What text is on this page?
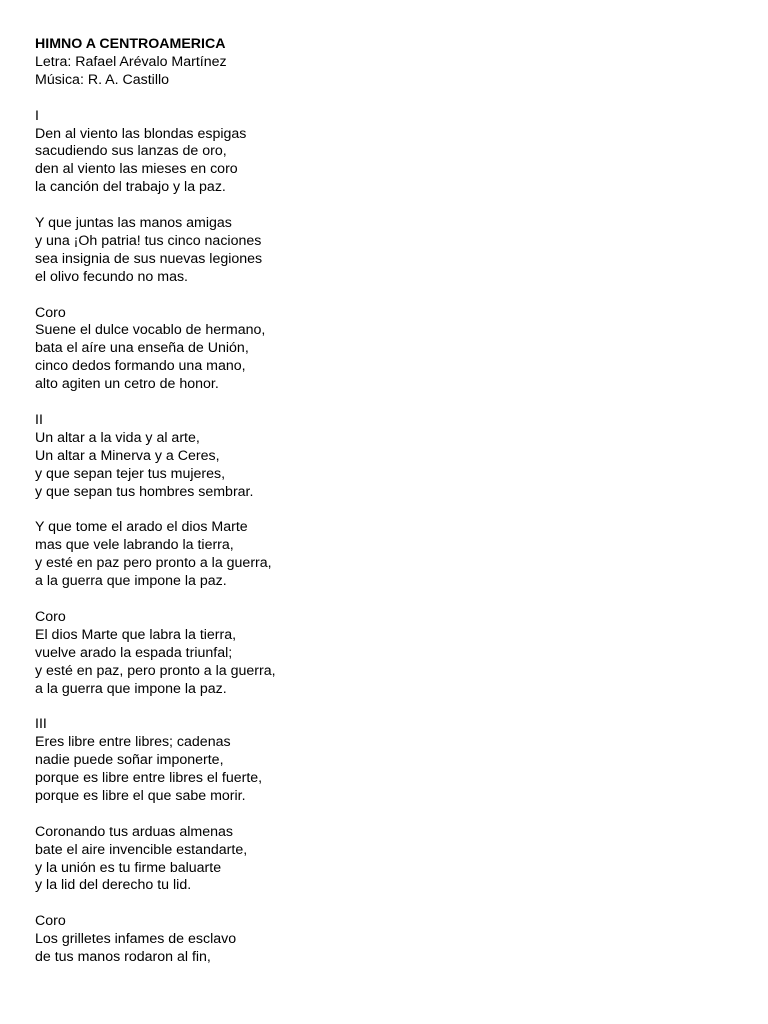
HIMNO A CENTROAMERICA
Letra: Rafael Arévalo Martínez
Música: R. A. Castillo
I
Den al viento las blondas espigas
sacudiendo sus lanzas de oro,
den al viento las mieses en coro
la canción del trabajo y la paz.
Y que juntas las manos amigas
y una ¡Oh patria! tus cinco naciones
sea insignia de sus nuevas legiones
el olivo fecundo no mas.
Coro
Suene el dulce vocablo de hermano,
bata el aíre una enseña de Unión,
cinco dedos formando una mano,
alto agiten un cetro de honor.
II
Un altar a la vida y al arte,
Un altar a Minerva y a Ceres,
y que sepan tejer tus mujeres,
y que sepan tus hombres sembrar.
Y que tome el arado el dios Marte
mas que vele labrando la tierra,
y esté en paz pero pronto a la guerra,
a la guerra que impone la paz.
Coro
El dios Marte que labra la tierra,
vuelve arado la espada triunfal;
y esté en paz, pero pronto a la guerra,
a la guerra que impone la paz.
III
Eres libre entre libres; cadenas
nadie puede soñar imponerte,
porque es libre entre libres el fuerte,
porque es libre el que sabe morir.
Coronando tus arduas almenas
bate el aire invencible estandarte,
y la unión es tu firme baluarte
y la lid del derecho tu lid.
Coro
Los grilletes infames de esclavo
de tus manos rodaron al fin,
